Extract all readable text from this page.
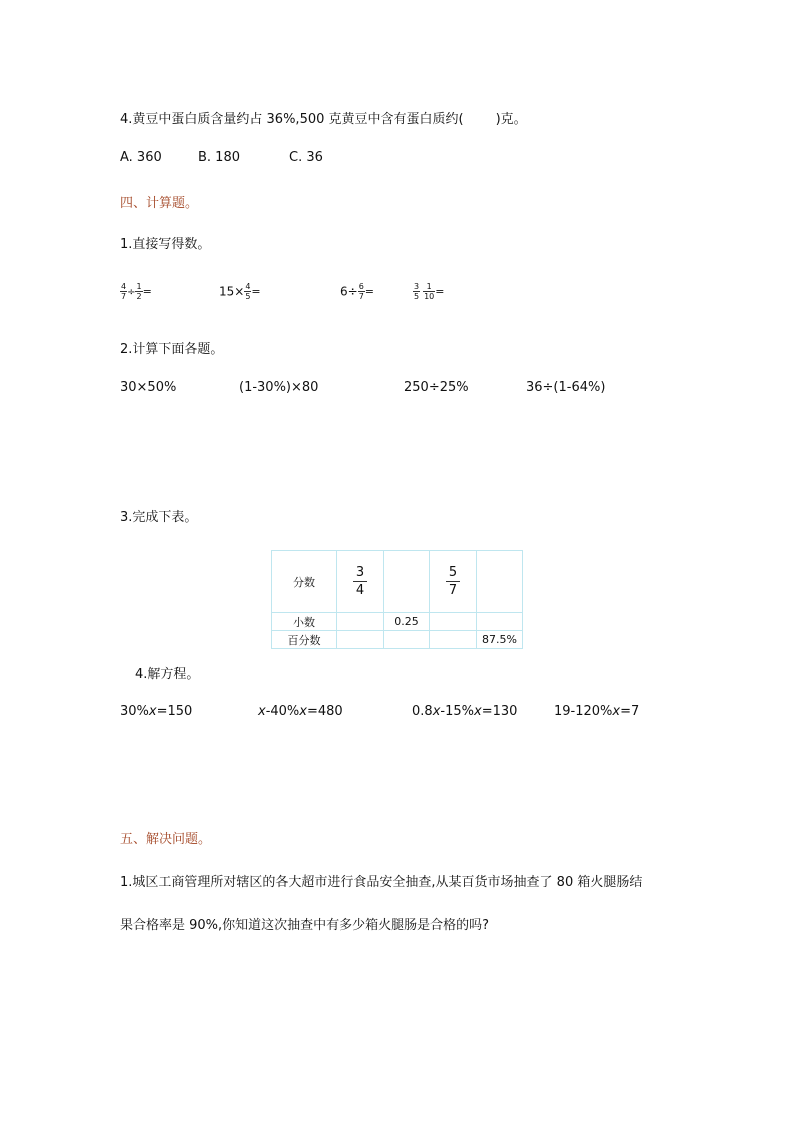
4.黄豆中蛋白质含量约占 36%,500 克黄豆中含有蛋白质约( )克。
A. 360	B. 180	C. 36
四、计算题。
1.直接写得数。
$\frac{4}{7} \div \frac{1}{2}$ =	$15\times \frac{4}{5}$ =	$6\div \frac{6}{7}$ =	$\frac{3}{5} \frac{1}{10}$ =
2.计算下面各题。
30×50%	(1-30%)×80	250÷25%	36÷(1-64%)
3.完成下表。
分数	$\frac{3}{4}$		$\frac{5}{7}$

小数		0.25		
百分数				87.5%
4.解方程。
30%x=150	x-40%x=480	0.8x-15%x=130	19-120%x=7
五、解决问题。
1.城区工商管理所对辖区的各大超市进行食品安全抽查,从某百货市场抽查了 80 箱火腿肠结
果合格率是 90%,你知道这次抽查中有多少箱火腿肠是合格的吗?
